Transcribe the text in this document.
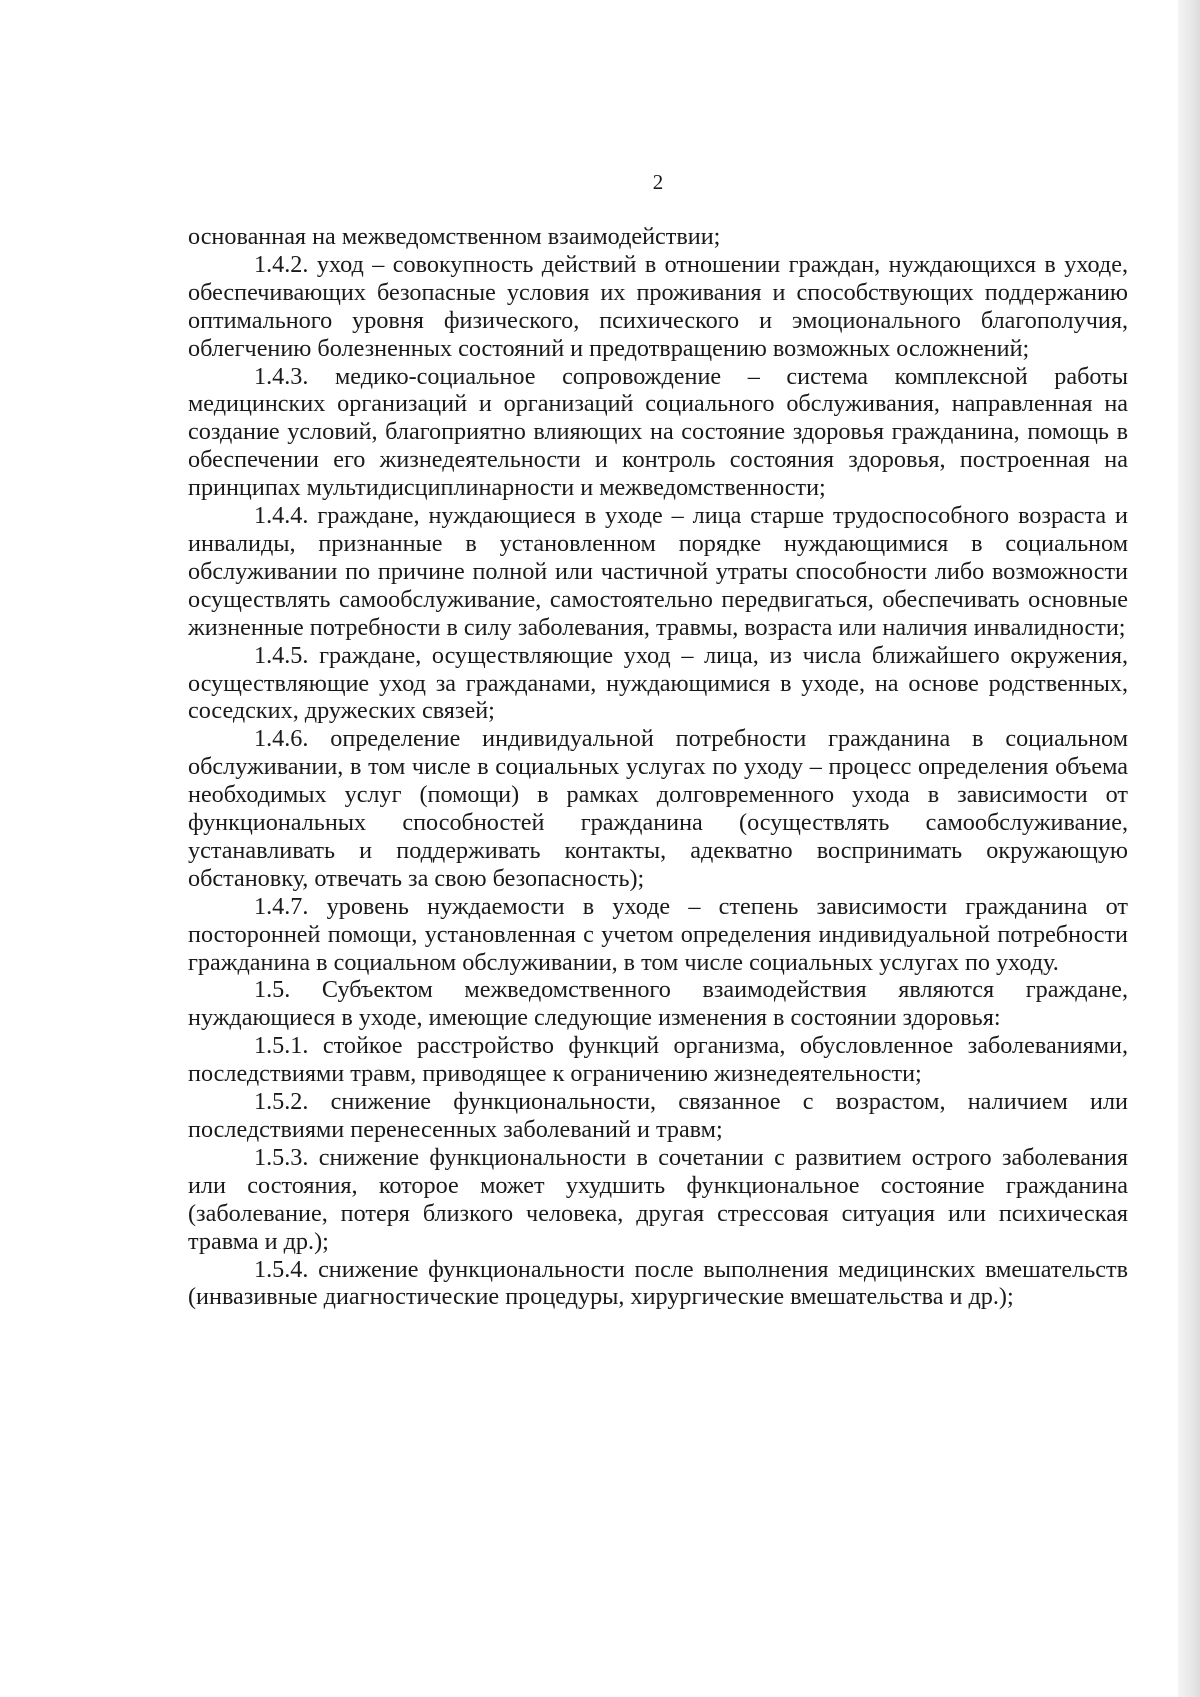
2

основанная на межведомственном взаимодействии;

1.4.2. уход – совокупность действий в отношении граждан, нуждающихся в уходе, обеспечивающих безопасные условия их проживания и способствующих поддержанию оптимального уровня физического, психического и эмоционального благополучия, облегчению болезненных состояний и предотвращению возможных осложнений;

1.4.3. медико-социальное сопровождение – система комплексной работы медицинских организаций и организаций социального обслуживания, направленная на создание условий, благоприятно влияющих на состояние здоровья гражданина, помощь в обеспечении его жизнедеятельности и контроль состояния здоровья, построенная на принципах мультидисциплинарности и межведомственности;

1.4.4. граждане, нуждающиеся в уходе – лица старше трудоспособного возраста и инвалиды, признанные в установленном порядке нуждающимися в социальном обслуживании по причине полной или частичной утраты способности либо возможности осуществлять самообслуживание, самостоятельно передвигаться, обеспечивать основные жизненные потребности в силу заболевания, травмы, возраста или наличия инвалидности;

1.4.5. граждане, осуществляющие уход – лица, из числа ближайшего окружения, осуществляющие уход за гражданами, нуждающимися в уходе, на основе родственных, соседских, дружеских связей;

1.4.6. определение индивидуальной потребности гражданина в социальном обслуживании, в том числе в социальных услугах по уходу – процесс определения объема необходимых услуг (помощи) в рамках долговременного ухода в зависимости от функциональных способностей гражданина (осуществлять самообслуживание, устанавливать и поддерживать контакты, адекватно воспринимать окружающую обстановку, отвечать за свою безопасность);

1.4.7. уровень нуждаемости в уходе – степень зависимости гражданина от посторонней помощи, установленная с учетом определения индивидуальной потребности гражданина в социальном обслуживании, в том числе социальных услугах по уходу.

1.5. Субъектом межведомственного взаимодействия являются граждане, нуждающиеся в уходе, имеющие следующие изменения в состоянии здоровья:

1.5.1. стойкое расстройство функций организма, обусловленное заболеваниями, последствиями травм, приводящее к ограничению жизнедеятельности;

1.5.2. снижение функциональности, связанное с возрастом, наличием или последствиями перенесенных заболеваний и травм;

1.5.3. снижение функциональности в сочетании с развитием острого заболевания или состояния, которое может ухудшить функциональное состояние гражданина (заболевание, потеря близкого человека, другая стрессовая ситуация или психическая травма и др.);

1.5.4. снижение функциональности после выполнения медицинских вмешательств (инвазивные диагностические процедуры, хирургические вмешательства и др.);
